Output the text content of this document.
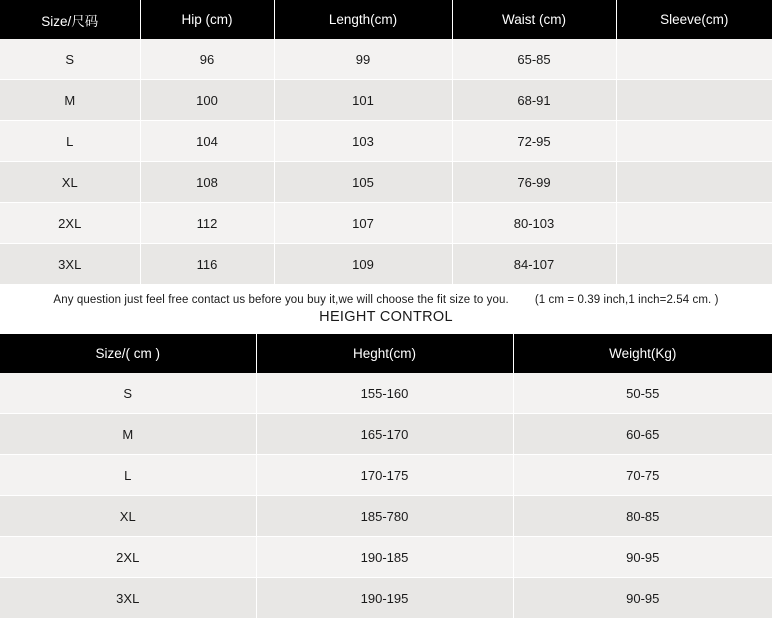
Size/尺码	Hip (cm)	Length(cm)	Waist (cm)	Sleeve(cm)
S	96	99	65-85	
M	100	101	68-91	
L	104	103	72-95	
XL	108	105	76-99	
2XL	112	107	80-103	
3XL	116	109	84-107	
Any question just feel free contact us before you buy it,we will choose the fit size to you. (1 cm = 0.39 inch,1 inch=2.54 cm. )
HEIGHT CONTROL
Size/( cm )	Heght(cm)	Weight(Kg)
S	155-160	50-55
M	165-170	60-65
L	170-175	70-75
XL	185-780	80-85
2XL	190-185	90-95
3XL	190-195	90-95
